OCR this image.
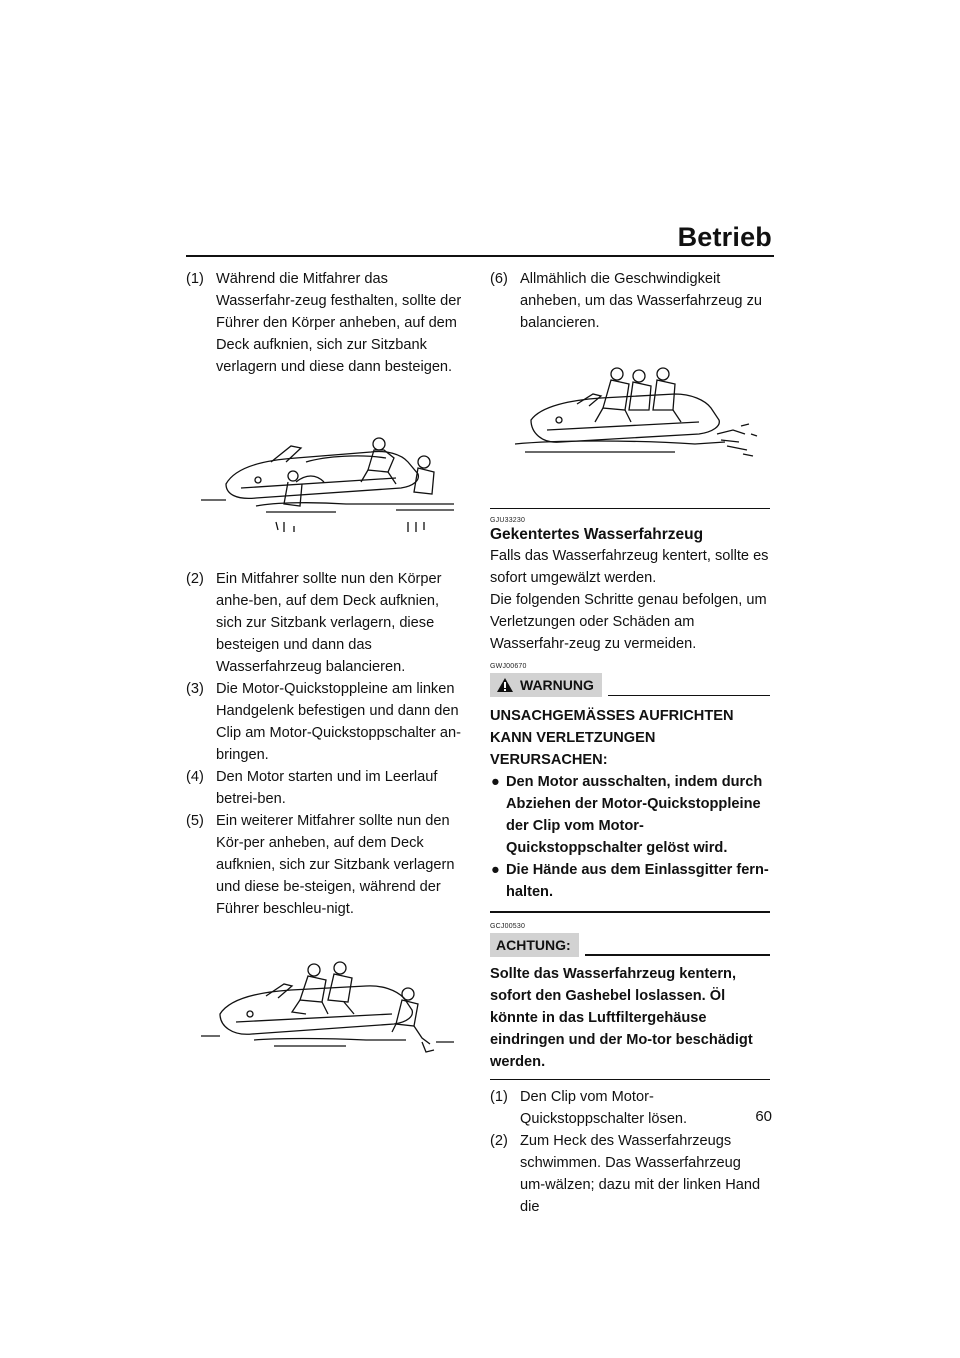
Betrieb
(1) Während die Mitfahrer das Wasserfahr-zeug festhalten, sollte der Führer den Körper anheben, auf dem Deck aufknien, sich zur Sitzbank verlagern und diese dann besteigen.
(2) Ein Mitfahrer sollte nun den Körper anhe-ben, auf dem Deck aufknien, sich zur Sitzbank verlagern, diese besteigen und dann das Wasserfahrzeug balancieren.
(3) Die Motor-Quickstoppleine am linken Handgelenk befestigen und dann den Clip am Motor-Quickstoppschalter an-bringen.
(4) Den Motor starten und im Leerlauf betrei-ben.
(5) Ein weiterer Mitfahrer sollte nun den Kör-per anheben, auf dem Deck aufknien, sich zur Sitzbank verlagern und diese be-steigen, während der Führer beschleu-nigt.
(6) Allmählich die Geschwindigkeit anheben, um das Wasserfahrzeug zu balancieren.
GJU33230
Gekentertes Wasserfahrzeug

Falls das Wasserfahrzeug kentert, sollte es sofort umgewälzt werden.

Die folgenden Schritte genau befolgen, um Verletzungen oder Schäden am Wasserfahr-zeug zu vermeiden.

GWJ00670
WARNUNG
UNSACHGEMÄSSES AUFRICHTEN KANN VERLETZUNGEN VERURSACHEN:
● Den Motor ausschalten, indem durch Abziehen der Motor-Quickstoppleine der Clip vom Motor-Quickstoppschalter gelöst wird.
● Die Hände aus dem Einlassgitter fern-halten.
GCJ00530
ACHTUNG:
Sollte das Wasserfahrzeug kentern, sofort den Gashebel loslassen. Öl könnte in das Luftfiltergehäuse eindringen und der Mo-tor beschädigt werden.
(1) Den Clip vom Motor-Quickstoppschalter lösen.
(2) Zum Heck des Wasserfahrzeugs schwimmen. Das Wasserfahrzeug um-wälzen; dazu mit der linken Hand die
60
